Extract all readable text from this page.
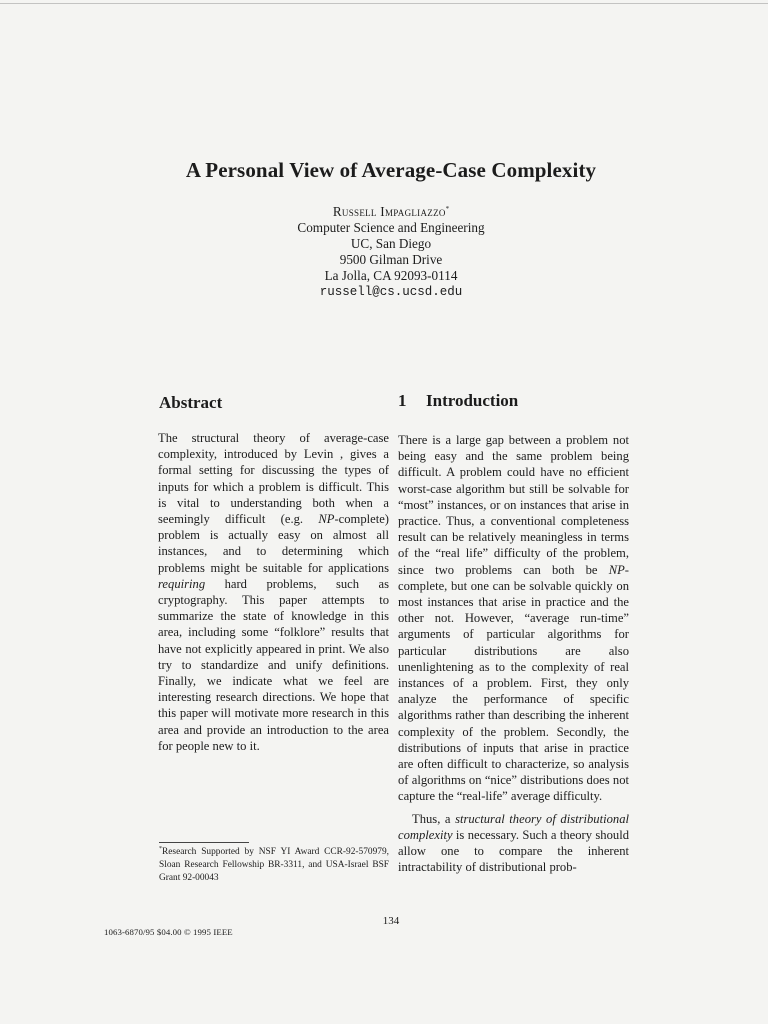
A Personal View of Average-Case Complexity
Russell Impagliazzo*
Computer Science and Engineering
UC, San Diego
9500 Gilman Drive
La Jolla, CA 92093-0114
russell@cs.ucsd.edu
Abstract	1 Introduction

The structural theory of average-case complexity, introduced by Levin , gives a formal setting for discussing the types of inputs for which a problem is difficult. This is vital to understanding both when a seemingly difficult (e.g. NP-complete) problem is actually easy on almost all instances, and to determining which problems might be suitable for applications requiring hard problems, such as cryptography. This paper attempts to summarize the state of knowledge in this area, including some “folklore” results that have not explicitly appeared in print. We also try to standardize and unify definitions. Finally, we indicate what we feel are interesting research directions. We hope that this paper will motivate more research in this area and provide an introduction to the area for people new to it.

There is a large gap between a problem not being easy and the same problem being difficult. A problem could have no efficient worst-case algorithm but still be solvable for “most” instances, or on instances that arise in practice. Thus, a conventional completeness result can be relatively meaningless in terms of the “real life” difficulty of the problem, since two problems can both be NP- complete, but one can be solvable quickly on most instances that arise in practice and the other not. However, “average run-time” arguments of particular algorithms for particular distributions are also unenlightening as to the complexity of real instances of a problem. First, they only analyze the performance of specific algorithms rather than describing the inherent complexity of the problem. Secondly, the distributions of inputs that arise in practice are often difficult to characterize, so analysis of algorithms on “nice” distributions does not capture the “real-life” average difficulty.

Thus, a structural theory of distributional complexity is necessary. Such a theory should allow one to compare the inherent intractability of distributional prob-

*Research Supported by NSF YI Award CCR-92-570979, Sloan Research Fellowship BR-3311, and USA-Israel BSF Grant 92-00043
134
1063-6870/95 $04.00 © 1995 IEEE
